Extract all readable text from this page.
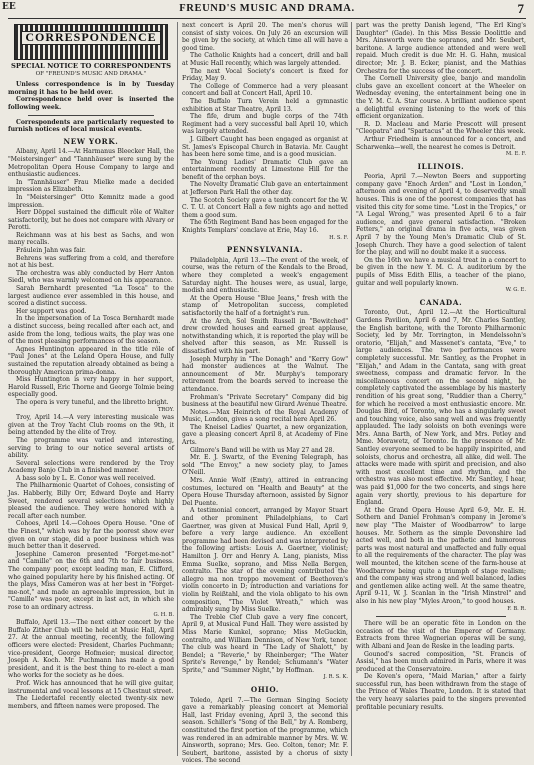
EE	FREUND'S MUSIC AND DRAMA.	7
CORRESPONDENCE

SPECIAL NOTICE TO CORRESPONDENTS

OF "FREUND'S MUSIC AND DRAMA."

Unless correspondence is in by Tuesday morning it has to be held over.

Correspondence held over is inserted the following week.

Correspondents are particularly requested to furnish notices of local musical events.

NEW YORK.

Albany, April 14.—At Harmanus Bleecker Hall, the "Meistersinger" and "Tannhäuser" were sung by the Metropolitan Opera House Company to large and enthusiastic audiences.

In "Tannhäuser" Frau Mielke made a decided impression as Elizabeth.

In "Meistersinger" Otto Kemnitz made a good impression.

Herr Döppel sustained the difficult rôle of Walter satisfactorily, but he does not compare with Alvary or Perotti.

Reichmann was at his best as Sachs, and won many recalls.

Fräulein Jahn was fair.

Behrens was suffering from a cold, and therefore not at his best.

The orchestra was ably conducted by Herr Anton Siedl, who was warmly welcomed on his appearance.

Sarah Bernhardt presented "La Tosca" to the largest audience ever assembled in this house, and scored a distinct success.

Her support was good.

In the impersonation of La Tosca Bernhardt made a distinct success, being recalled after each act, and aside from the long, tedious waits, the play was one of the most pleasing performances of the season.

Agnes Huntington appeared in the title rôle of "Paul Jones" at the Leland Opera House, and fully sustained the reputation already obtained as being a thoroughly American prima-donna.

Miss Huntington is very happy in her support, Harold Russell, Eric Thorne and George Tolmie being especially good.

The opera is very tuneful, and the libretto bright.

TROY.

Troy, April 14.—A very interesting musicale was given at the Troy Yacht Club rooms on the 9th, it being attended by the élite of Troy.

The programme was varied and interesting, serving to bring to our notice several artists of ability.

Several selections were rendered by the Troy Academy Banjo Club in a finished manner.

A bass solo by L. E. Conor was well received.

The Philharmonic Quartet of Cohoes, consisting of Jas. Habberly, Billy Orr, Edward Doyle and Harry Sweet, rendered several selections which highly pleased the audience. They were honored with a recall after each number.

Cohoes, April 14.—Cohoes Opera House. "One of the Finest," which was by far the poorest show ever given on our stage, did a poor business which was much better than it deserved.

Josephine Cameron presented "Forget-me-not" and "Camille" on the 6th and 7th to fair business. The company poor, except leading man, E. Clifford, who gained popularity here by his finished acting. Of the plays, Miss Cameron was at her best in "Forget-me-not," and made an agreeable impression, but in "Camille" was poor, except in last act, in which she rose to an ordinary actress.

G. H. B.

Buffalo, April 13.—The next either concert by the Buffalo Zither Club will be held at Music Hall, April 27. At the annual meeting, recently, the following officers were elected: President, Charles Puchmann; vice-president, George Hofmeier; musical director, Joseph A. Koch. Mr. Puchmann has made a good president, and it is the best thing to re-elect a man who works for the society as he does.

Prof. Wick has announced that he will give guitar, instrumental and vocal lessons at 15 Chestnut street.

The Liedertafel recently elected twenty-six new members, and fifteen names were proposed. The

next concert is April 20. The men's chorus will consist of sixty voices. On July 26 an excursion will be given by the society, at which time all will have a good time.

The Catholic Knights had a concert, drill and ball at Music Hall recently, which was largely attended.

The next Vocal Society's concert is fixed for Friday, May 9.

The College of Commerce had a very pleasant concert and ball at Concert Hall, April 10.

The Buffalo Turn Verein held a gymnastic exhibition at Star Theatre, April 13.

The fife, drum and bugle corps of the 74th Regiment had a very successful ball April 10, which was largely attended.

J. Gilbert Caught has been engaged as organist at St. James's Episcopal Church in Batavia. Mr. Caught has been here some time, and is a good musician.

The Young Ladies' Dramatic Club gave an entertainment recently at Limestone Hill for the benefit of the orphan boys.

The Novelty Dramatic Club gave an entertainment at Jefferson Park Hall the other day.

The Scotch Society gave a tenth concert for the W. C. T. U. at Concert Hall a few nights ago and netted them a good sum.

The 65th Regiment Band has been engaged for the Knights Templars' conclave at Erie, May 16.

H. S. F.

PENNSYLVANIA.

Philadelphia, April 13.—The event of the week, of course, was the return of the Kendals to the Broad, where they completed a week's engagement Saturday night. The houses were, as usual, large, modish and enthusiastic.

At the Opera House "Blue Jeans," fresh with the stamp of Metropolitan success, completed satisfactorily the half of a fortnight's run.

At the Arch, Sol Smith Russell in "Bewitched" drew crowded houses and earned great applause, notwithstanding which, it is reported the play will be shelved after this season, as Mr. Russell is dissatisfied with his part.

Joseph Murphy in "The Donagh" and "Kerry Gow" had monster audiences at the Walnut. The announcement of Mr. Murphy's temporary retirement from the boards served to increase the attendance.

Frohman's "Private Secretary" Company did big business at the beautiful new Girard Avenue Theatre.

Notes.—Max Heinrich of the Royal Academy of Music, London, gives a song recital here April 26.

The Kneisel Ladies' Quartet, a new organization, gave a pleasing concert April 8, at Academy of Fine Arts.

Gilmore's Band will be with us May 27 and 28.

Mr. E. J. Swartz, of the Evening Telegraph, has sold "The Envoy," a new society play, to James O'Neill.

Mrs. Annie Wolf (Emty), attired in entrancing costumes, lectured on "Health and Beauty" at the Opera House Thursday afternoon, assisted by Signor Del Puente.

A testimonial concert, arranged by Mayor Stuart and other prominent Philadelphians, to Carl Gaertner, was given at Musical Fund Hall, April 9, before a very large audience. An excellent programme had been devised and was interpreted by the following artists: Louis A. Gaertner, violinist; Hamilton J. Orr and Henry A. Lang, pianists, Miss Emma Suelke, soprano, and Miss Nella Bergen, contralto. The star of the evening contributed the allegro ma non troppo movement of Beethoven's violin concerto in D; introduction and variations for violin by Reißtahl, and the viola obligato to his own composition, "The Violet Wreath," which was admirably sung by Miss Suelke.

The Treble Clef Club gave a very fine concert, April 9, at Musical Fund Hall. They were assisted by Miss Marie Kunkel, soprano; Miss McGuckin, contralto, and William Dennison, of New York, tenor. The club was heard in "The Lady of Shalott," by Bendel; a "Reverie," by Rheinberger; "The Water Sprite's Revenge," by Rendel; Schumann's "Water Sprite," and "Summer Night," by Hoffman.

J. R. S. K.

OHIO.

Toledo, April 7.—The German Singing Society gave a remarkably pleasing concert at Memorial Hall, last Friday evening, April 3, the second this season. Schiller's "Song of the Bell," by A. Romberg, constituted the first portion of the programme, which was rendered in an admirable manner by Mrs. W. W. Ainsworth, soprano; Mrs. Geo. Colton, tenor; Mr. F. Seubert, baritone, assisted by a chorus of sixty voices. The second

part was the pretty Danish legend, "The Erl King's Daughter" (Gade). In this Miss Bessie Doolittle and Mrs. Ainsworth were the sopranos, and Mr. Seubert, baritone. A large audience attended and were well repaid. Much credit is due Mr. H. G. Hahn, musical director; Mr. J. B. Ecker, pianist, and the Mathias Orchestra for the success of the concert.

The Cornell University glee, banjo and mandolin clubs gave an excellent concert at the Wheeler on Wednesday evening, the entertainment being one in the Y. M. C. A. Star course. A brilliant audience spent a delightful evening listening to the work of this efficient organization.

R. D. Macleau and Marie Prescott will present "Cleopatra" and "Spartacus" at the Wheeler this week.

Arthur Friedheim is announced for a concert, and Scharwenka—well, the nearest he comes is Detroit.

M. E. F.

ILLINOIS.

Peoria, April 7.—Newton Beers and supporting company gave "Enoch Arden" and "Lost in London," afternoon and evening of April 4, to deservedly small houses. This is one of the poorest companies that has visited this city for some time. "Lost in the Tropics," or "A Legal Wrong," was presented April 6 to a fair audience, and gave general satisfaction. "Broken Fetters," an original drama in five acts, was given April 7 by the Young Men's Dramatic Club of St. Joseph Church. They have a good selection of talent for the play, and will no doubt make it a success.

On the 16th we have a musical treat in a concert to be given in the new Y. M. C. A. auditorium by the pupils of Miss Edith Ellis, a teacher of the piano, guitar and well popularly known.

W. G. E.

CANADA.

Toronto, Out., April 12.—At the Horticultural Gardens Pavilion, April 6 and 7, Mr. Charles Santley, the English baritone, with the Toronto Philharmonic Society, led by Mr. Torrington, in Mendelssohn's oratorio, "Elijah," and Massenet's cantata, "Eve," to large audiences. The two performances were completely successful. Mr. Santley, as the Prophet in "Elijah," and Adam in the Cantata, sang with great sweetness, compass and dramatic fervor. In the miscellaneous concert on the second night, he completely captivated the assemblage by his masterly rendition of his great song, "Ruddier than a Cherry," for which he received a most enthusiastic encore. Mr. Douglas Bird, of Toronto, who has a singularly sweet and touching voice, also sang well and was frequently applauded. The lady soloists on both evenings were Mrs. Anna Barth, of New York, and Mrs. Petley and Mme. Morawetz, of Toronto. In the presence of Mr. Santley everyone seemed to be happily inspirited, and soloists, chorus and orchestra, all alike, did well. The attacks were made with spirit and precision, and also with most excellent time and rhythm, and the orchestra was also most effective. Mr. Santley, I hear, was paid $1,000 for the two concerts, and sings here again very shortly, previous to his departure for England.

At the Grand Opera House April 6-9, Mr. E. H. Sothern and Daniel Frohman's company in Jerome's new play "The Maister of Woodbarrow" to large houses. Mr. Sothern as the simple Devonshire lad acted well, and both in the pathetic and humorous parts was most natural and unaffected and fully equal to all the requirements of the character. The play was well mounted, the kitchen scene of the farm-house at Woodbarrow being quite a triumph of stage realism; and the company was strong and well balanced, ladies and gentlemen alike acting well. At the same theatre, April 9-11, W. J. Scanlan in the "Irish Minstrel" and also in his new play "Myles Aroon," to good houses.

F. B. R.

There will be an operatic fête in London on the occasion of the visit of the Emperor of Germany. Extracts from three Wagnerian operas will be sung, with Albani and Jean de Reske in the leading parts.

Gounod's sacred composition, "St. Francis of Assisi," has been much admired in Paris, where it was produced at the Conservatoire.

De Koven's opera, "Maid Marian," after a fairly successful run, has been withdrawn from the stage of the Prince of Wales Theatre, London. It is stated that the very heavy salaries paid to the singers prevented profitable pecuniary results.
